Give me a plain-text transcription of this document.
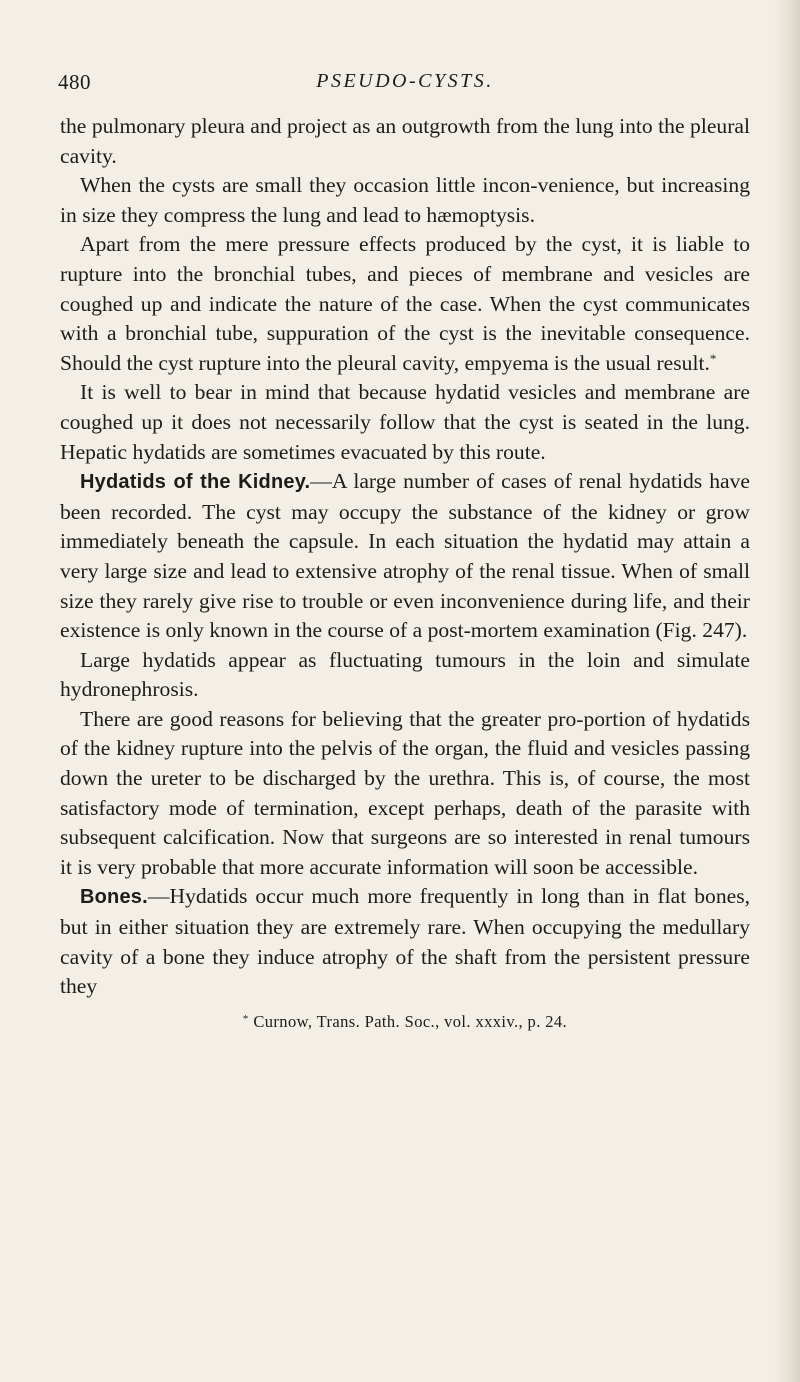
480	PSEUDO-CYSTS.

the pulmonary pleura and project as an outgrowth from the lung into the pleural cavity.

When the cysts are small they occasion little incon-venience, but increasing in size they compress the lung and lead to hæmoptysis.

Apart from the mere pressure effects produced by the cyst, it is liable to rupture into the bronchial tubes, and pieces of membrane and vesicles are coughed up and indicate the nature of the case. When the cyst communicates with a bronchial tube, suppuration of the cyst is the inevitable consequence. Should the cyst rupture into the pleural cavity, empyema is the usual result.*

It is well to bear in mind that because hydatid vesicles and membrane are coughed up it does not necessarily follow that the cyst is seated in the lung. Hepatic hydatids are sometimes evacuated by this route.

Hydatids of the Kidney.—A large number of cases of renal hydatids have been recorded. The cyst may occupy the substance of the kidney or grow immediately beneath the capsule. In each situation the hydatid may attain a very large size and lead to extensive atrophy of the renal tissue. When of small size they rarely give rise to trouble or even inconvenience during life, and their existence is only known in the course of a post-mortem examination (Fig. 247).

Large hydatids appear as fluctuating tumours in the loin and simulate hydronephrosis.

There are good reasons for believing that the greater pro-portion of hydatids of the kidney rupture into the pelvis of the organ, the fluid and vesicles passing down the ureter to be discharged by the urethra. This is, of course, the most satisfactory mode of termination, except perhaps, death of the parasite with subsequent calcification. Now that surgeons are so interested in renal tumours it is very probable that more accurate information will soon be accessible.

Bones.—Hydatids occur much more frequently in long than in flat bones, but in either situation they are extremely rare. When occupying the medullary cavity of a bone they induce atrophy of the shaft from the persistent pressure they

* Curnow, Trans. Path. Soc., vol. xxxiv., p. 24.
